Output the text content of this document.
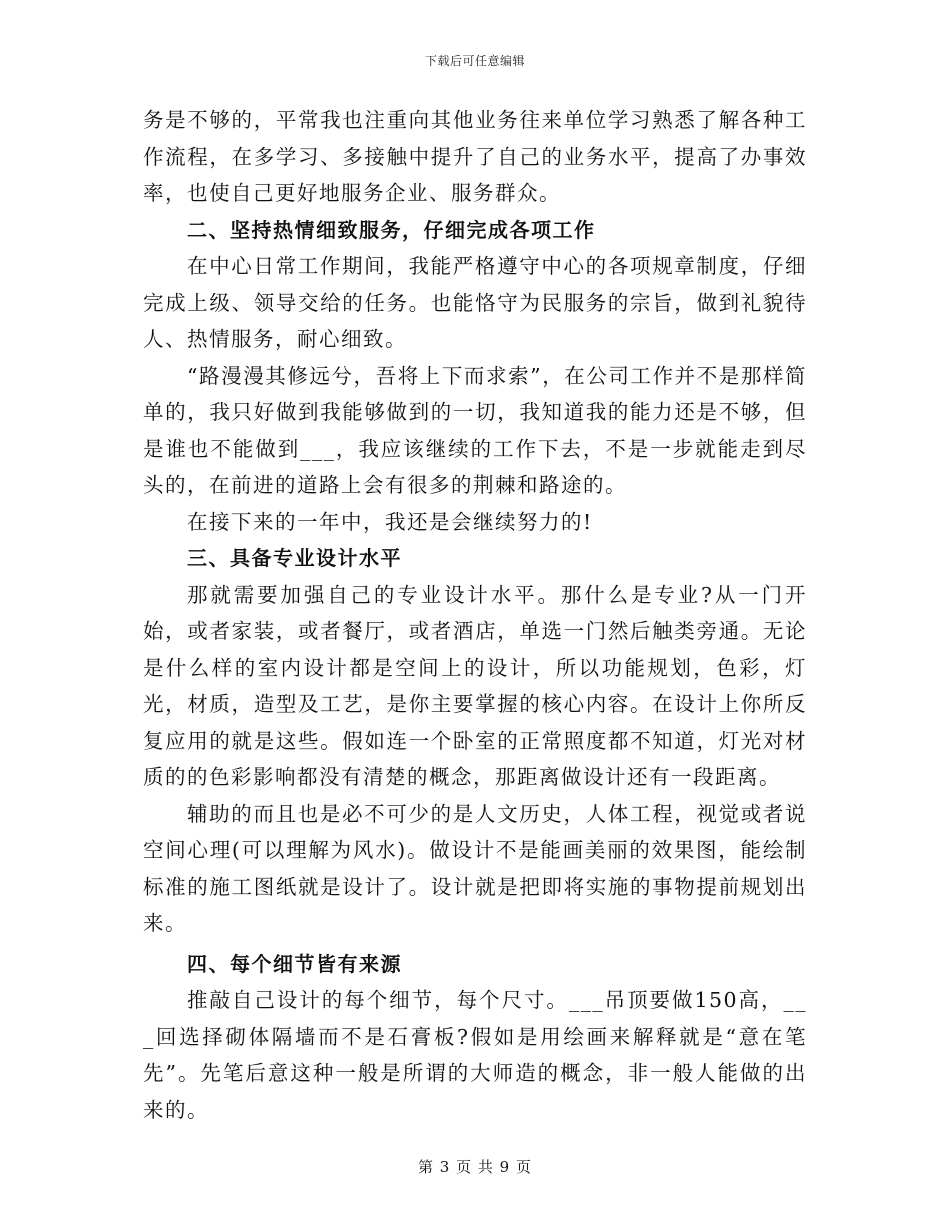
下载后可任意编辑

务是不够的，平常我也注重向其他业务往来单位学习熟悉了解各种工作流程，在多学习、多接触中提升了自己的业务水平，提高了办事效率，也使自己更好地服务企业、服务群众。

二、坚持热情细致服务，仔细完成各项工作

在中心日常工作期间，我能严格遵守中心的各项规章制度，仔细完成上级、领导交给的任务。也能恪守为民服务的宗旨，做到礼貌待人、热情服务，耐心细致。

“路漫漫其修远兮，吾将上下而求索”，在公司工作并不是那样简单的，我只好做到我能够做到的一切，我知道我的能力还是不够，但是谁也不能做到___，我应该继续的工作下去，不是一步就能走到尽头的，在前进的道路上会有很多的荆棘和路途的。

在接下来的一年中，我还是会继续努力的!

三、具备专业设计水平

那就需要加强自己的专业设计水平。那什么是专业?从一门开始，或者家装，或者餐厅，或者酒店，单选一门然后触类旁通。无论是什么样的室内设计都是空间上的设计，所以功能规划，色彩，灯光，材质，造型及工艺，是你主要掌握的核心内容。在设计上你所反复应用的就是这些。假如连一个卧室的正常照度都不知道，灯光对材质的的色彩影响都没有清楚的概念，那距离做设计还有一段距离。

辅助的而且也是必不可少的是人文历史，人体工程，视觉或者说空间心理(可以理解为风水)。做设计不是能画美丽的效果图，能绘制标准的施工图纸就是设计了。设计就是把即将实施的事物提前规划出来。

四、每个细节皆有来源

推敲自己设计的每个细节，每个尺寸。___吊顶要做150高，___回选择砌体隔墙而不是石膏板?假如是用绘画来解释就是“意在笔先”。先笔后意这种一般是所谓的大师造的概念，非一般人能做的出来的。

第 3 页 共 9 页
